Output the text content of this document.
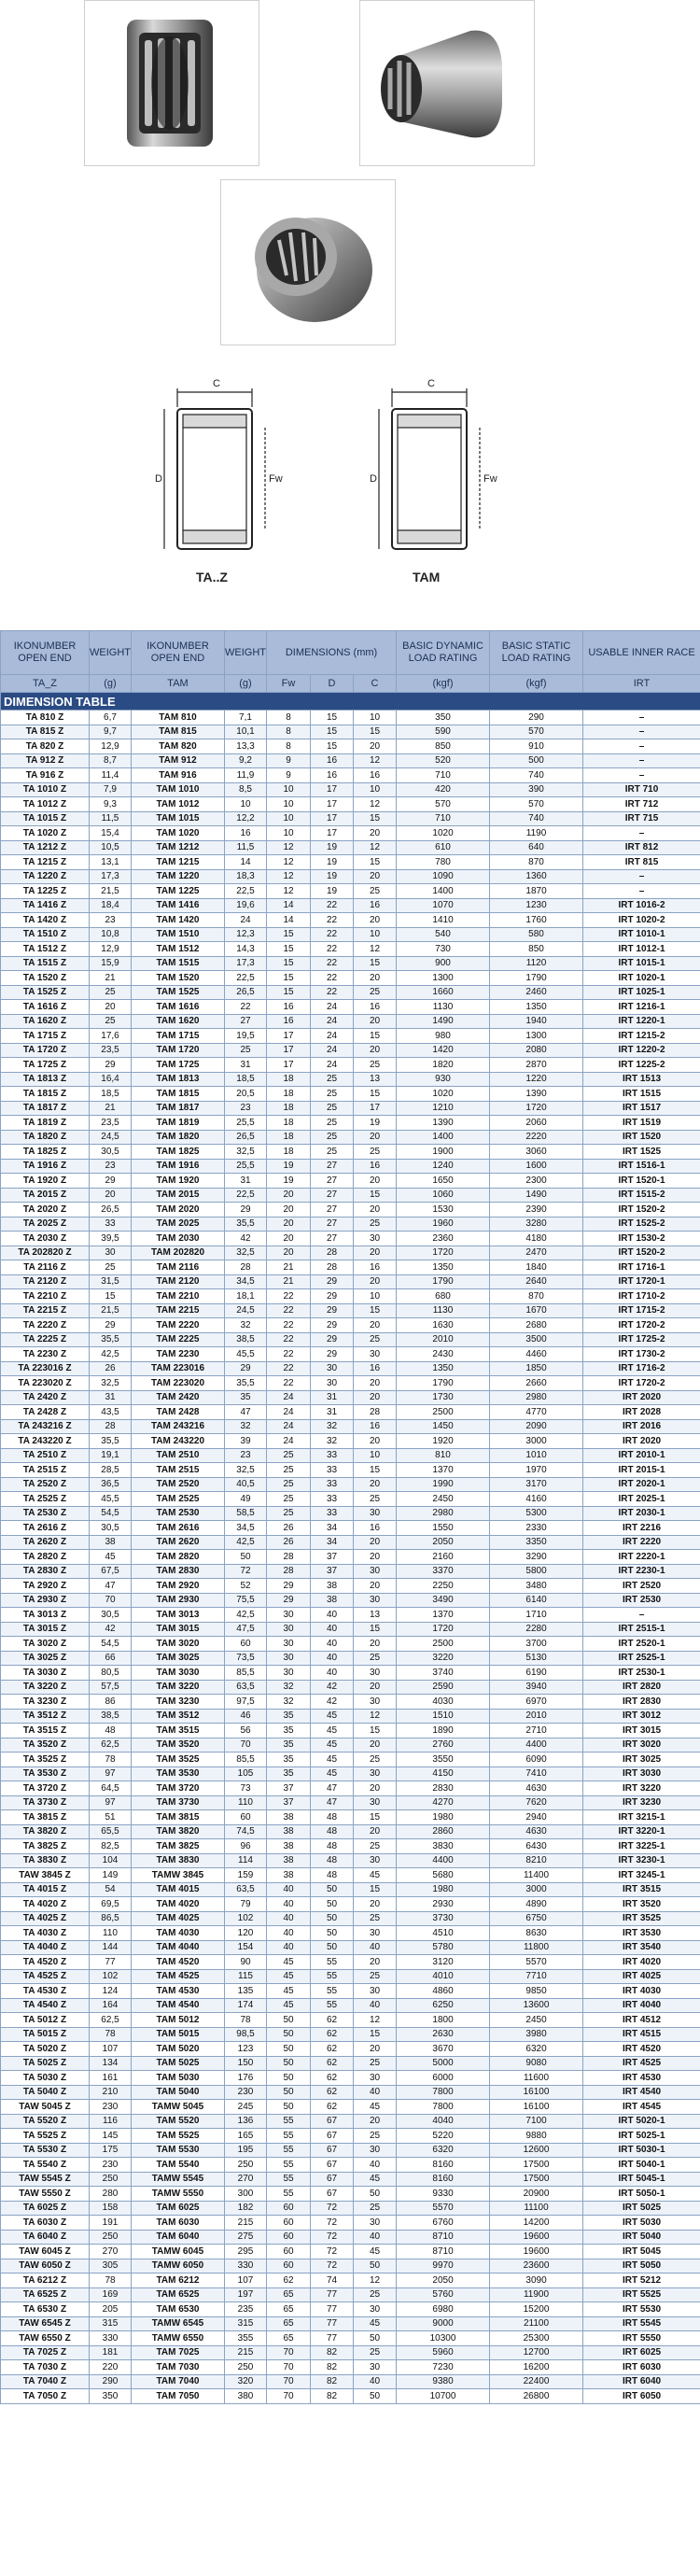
C	C
D	D
Fw	Fw
TA..Z	TAM
DIMENSION TABLE									
IKONUMBER OPEN END	WEIGHT	IKONUMBER OPEN END	WEIGHT	DIMENSIONS (mm)			BASIC DYNAMIC LOAD RATING	BASIC STATIC LOAD RATING	USABLE INNER RACE
TA_Z	(g)	TAM	(g)	Fw	D	C	(kgf)	(kgf)	IRT
TA 810 Z	6,7	TAM 810	7,1	8	15	10	350	290	–
TA 815 Z	9,7	TAM 815	10,1	8	15	15	590	570	–
TA 820 Z	12,9	TAM 820	13,3	8	15	20	850	910	–
TA 912 Z	8,7	TAM 912	9,2	9	16	12	520	500	–
TA 916 Z	11,4	TAM 916	11,9	9	16	16	710	740	–
TA 1010 Z	7,9	TAM 1010	8,5	10	17	10	420	390	IRT 710
TA 1012 Z	9,3	TAM 1012	10	10	17	12	570	570	IRT 712
TA 1015 Z	11,5	TAM 1015	12,2	10	17	15	710	740	IRT 715
TA 1020 Z	15,4	TAM 1020	16	10	17	20	1020	1190	–
TA 1212 Z	10,5	TAM 1212	11,5	12	19	12	610	640	IRT 812
TA 1215 Z	13,1	TAM 1215	14	12	19	15	780	870	IRT 815
TA 1220 Z	17,3	TAM 1220	18,3	12	19	20	1090	1360	–
TA 1225 Z	21,5	TAM 1225	22,5	12	19	25	1400	1870	–
TA 1416 Z	18,4	TAM 1416	19,6	14	22	16	1070	1230	IRT 1016-2
TA 1420 Z	23	TAM 1420	24	14	22	20	1410	1760	IRT 1020-2
TA 1510 Z	10,8	TAM 1510	12,3	15	22	10	540	580	IRT 1010-1
TA 1512 Z	12,9	TAM 1512	14,3	15	22	12	730	850	IRT 1012-1
TA 1515 Z	15,9	TAM 1515	17,3	15	22	15	900	1120	IRT 1015-1
TA 1520 Z	21	TAM 1520	22,5	15	22	20	1300	1790	IRT 1020-1
TA 1525 Z	25	TAM 1525	26,5	15	22	25	1660	2460	IRT 1025-1
TA 1616 Z	20	TAM 1616	22	16	24	16	1130	1350	IRT 1216-1
TA 1620 Z	25	TAM 1620	27	16	24	20	1490	1940	IRT 1220-1
TA 1715 Z	17,6	TAM 1715	19,5	17	24	15	980	1300	IRT 1215-2
TA 1720 Z	23,5	TAM 1720	25	17	24	20	1420	2080	IRT 1220-2
TA 1725 Z	29	TAM 1725	31	17	24	25	1820	2870	IRT 1225-2
TA 1813 Z	16,4	TAM 1813	18,5	18	25	13	930	1220	IRT 1513
TA 1815 Z	18,5	TAM 1815	20,5	18	25	15	1020	1390	IRT 1515
TA 1817 Z	21	TAM 1817	23	18	25	17	1210	1720	IRT 1517
TA 1819 Z	23,5	TAM 1819	25,5	18	25	19	1390	2060	IRT 1519
TA 1820 Z	24,5	TAM 1820	26,5	18	25	20	1400	2220	IRT 1520
TA 1825 Z	30,5	TAM 1825	32,5	18	25	25	1900	3060	IRT 1525
TA 1916 Z	23	TAM 1916	25,5	19	27	16	1240	1600	IRT 1516-1
TA 1920 Z	29	TAM 1920	31	19	27	20	1650	2300	IRT 1520-1
TA 2015 Z	20	TAM 2015	22,5	20	27	15	1060	1490	IRT 1515-2
TA 2020 Z	26,5	TAM 2020	29	20	27	20	1530	2390	IRT 1520-2
TA 2025 Z	33	TAM 2025	35,5	20	27	25	1960	3280	IRT 1525-2
TA 2030 Z	39,5	TAM 2030	42	20	27	30	2360	4180	IRT 1530-2
TA 202820 Z	30	TAM 202820	32,5	20	28	20	1720	2470	IRT 1520-2
TA 2116 Z	25	TAM 2116	28	21	28	16	1350	1840	IRT 1716-1
TA 2120 Z	31,5	TAM 2120	34,5	21	29	20	1790	2640	IRT 1720-1
TA 2210 Z	15	TAM 2210	18,1	22	29	10	680	870	IRT 1710-2
TA 2215 Z	21,5	TAM 2215	24,5	22	29	15	1130	1670	IRT 1715-2
TA 2220 Z	29	TAM 2220	32	22	29	20	1630	2680	IRT 1720-2
TA 2225 Z	35,5	TAM 2225	38,5	22	29	25	2010	3500	IRT 1725-2
TA 2230 Z	42,5	TAM 2230	45,5	22	29	30	2430	4460	IRT 1730-2
TA 223016 Z	26	TAM 223016	29	22	30	16	1350	1850	IRT 1716-2
TA 223020 Z	32,5	TAM 223020	35,5	22	30	20	1790	2660	IRT 1720-2
TA 2420 Z	31	TAM 2420	35	24	31	20	1730	2980	IRT 2020
TA 2428 Z	43,5	TAM 2428	47	24	31	28	2500	4770	IRT 2028
TA 243216 Z	28	TAM 243216	32	24	32	16	1450	2090	IRT 2016
TA 243220 Z	35,5	TAM 243220	39	24	32	20	1920	3000	IRT 2020
TA 2510 Z	19,1	TAM 2510	23	25	33	10	810	1010	IRT 2010-1
TA 2515 Z	28,5	TAM 2515	32,5	25	33	15	1370	1970	IRT 2015-1
TA 2520 Z	36,5	TAM 2520	40,5	25	33	20	1990	3170	IRT 2020-1
TA 2525 Z	45,5	TAM 2525	49	25	33	25	2450	4160	IRT 2025-1
TA 2530 Z	54,5	TAM 2530	58,5	25	33	30	2980	5300	IRT 2030-1
TA 2616 Z	30,5	TAM 2616	34,5	26	34	16	1550	2330	IRT 2216
TA 2620 Z	38	TAM 2620	42,5	26	34	20	2050	3350	IRT 2220
TA 2820 Z	45	TAM 2820	50	28	37	20	2160	3290	IRT 2220-1
TA 2830 Z	67,5	TAM 2830	72	28	37	30	3370	5800	IRT 2230-1
TA 2920 Z	47	TAM 2920	52	29	38	20	2250	3480	IRT 2520
TA 2930 Z	70	TAM 2930	75,5	29	38	30	3490	6140	IRT 2530
TA 3013 Z	30,5	TAM 3013	42,5	30	40	13	1370	1710	–
TA 3015 Z	42	TAM 3015	47,5	30	40	15	1720	2280	IRT 2515-1
TA 3020 Z	54,5	TAM 3020	60	30	40	20	2500	3700	IRT 2520-1
TA 3025 Z	66	TAM 3025	73,5	30	40	25	3220	5130	IRT 2525-1
TA 3030 Z	80,5	TAM 3030	85,5	30	40	30	3740	6190	IRT 2530-1
TA 3220 Z	57,5	TAM 3220	63,5	32	42	20	2590	3940	IRT 2820
TA 3230 Z	86	TAM 3230	97,5	32	42	30	4030	6970	IRT 2830
TA 3512 Z	38,5	TAM 3512	46	35	45	12	1510	2010	IRT 3012
TA 3515 Z	48	TAM 3515	56	35	45	15	1890	2710	IRT 3015
TA 3520 Z	62,5	TAM 3520	70	35	45	20	2760	4400	IRT 3020
TA 3525 Z	78	TAM 3525	85,5	35	45	25	3550	6090	IRT 3025
TA 3530 Z	97	TAM 3530	105	35	45	30	4150	7410	IRT 3030
TA 3720 Z	64,5	TAM 3720	73	37	47	20	2830	4630	IRT 3220
TA 3730 Z	97	TAM 3730	110	37	47	30	4270	7620	IRT 3230
TA 3815 Z	51	TAM 3815	60	38	48	15	1980	2940	IRT 3215-1
TA 3820 Z	65,5	TAM 3820	74,5	38	48	20	2860	4630	IRT 3220-1
TA 3825 Z	82,5	TAM 3825	96	38	48	25	3830	6430	IRT 3225-1
TA 3830 Z	104	TAM 3830	114	38	48	30	4400	8210	IRT 3230-1
TAW 3845 Z	149	TAMW 3845	159	38	48	45	5680	11400	IRT 3245-1
TA 4015 Z	54	TAM 4015	63,5	40	50	15	1980	3000	IRT 3515
TA 4020 Z	69,5	TAM 4020	79	40	50	20	2930	4890	IRT 3520
TA 4025 Z	86,5	TAM 4025	102	40	50	25	3730	6750	IRT 3525
TA 4030 Z	110	TAM 4030	120	40	50	30	4510	8630	IRT 3530
TA 4040 Z	144	TAM 4040	154	40	50	40	5780	11800	IRT 3540
TA 4520 Z	77	TAM 4520	90	45	55	20	3120	5570	IRT 4020
TA 4525 Z	102	TAM 4525	115	45	55	25	4010	7710	IRT 4025
TA 4530 Z	124	TAM 4530	135	45	55	30	4860	9850	IRT 4030
TA 4540 Z	164	TAM 4540	174	45	55	40	6250	13600	IRT 4040
TA 5012 Z	62,5	TAM 5012	78	50	62	12	1800	2450	IRT 4512
TA 5015 Z	78	TAM 5015	98,5	50	62	15	2630	3980	IRT 4515
TA 5020 Z	107	TAM 5020	123	50	62	20	3670	6320	IRT 4520
TA 5025 Z	134	TAM 5025	150	50	62	25	5000	9080	IRT 4525
TA 5030 Z	161	TAM 5030	176	50	62	30	6000	11600	IRT 4530
TA 5040 Z	210	TAM 5040	230	50	62	40	7800	16100	IRT 4540
TAW 5045 Z	230	TAMW 5045	245	50	62	45	7800	16100	IRT 4545
TA 5520 Z	116	TAM 5520	136	55	67	20	4040	7100	IRT 5020-1
TA 5525 Z	145	TAM 5525	165	55	67	25	5220	9880	IRT 5025-1
TA 5530 Z	175	TAM 5530	195	55	67	30	6320	12600	IRT 5030-1
TA 5540 Z	230	TAM 5540	250	55	67	40	8160	17500	IRT 5040-1
TAW 5545 Z	250	TAMW 5545	270	55	67	45	8160	17500	IRT 5045-1
TAW 5550 Z	280	TAMW 5550	300	55	67	50	9330	20900	IRT 5050-1
TA 6025 Z	158	TAM 6025	182	60	72	25	5570	11100	IRT 5025
TA 6030 Z	191	TAM 6030	215	60	72	30	6760	14200	IRT 5030
TA 6040 Z	250	TAM 6040	275	60	72	40	8710	19600	IRT 5040
TAW 6045 Z	270	TAMW 6045	295	60	72	45	8710	19600	IRT 5045
TAW 6050 Z	305	TAMW 6050	330	60	72	50	9970	23600	IRT 5050
TA 6212 Z	78	TAM 6212	107	62	74	12	2050	3090	IRT 5212
TA 6525 Z	169	TAM 6525	197	65	77	25	5760	11900	IRT 5525
TA 6530 Z	205	TAM 6530	235	65	77	30	6980	15200	IRT 5530
TAW 6545 Z	315	TAMW 6545	315	65	77	45	9000	21100	IRT 5545
TAW 6550 Z	330	TAMW 6550	355	65	77	50	10300	25300	IRT 5550
TA 7025 Z	181	TAM 7025	215	70	82	25	5960	12700	IRT 6025
TA 7030 Z	220	TAM 7030	250	70	82	30	7230	16200	IRT 6030
TA 7040 Z	290	TAM 7040	320	70	82	40	9380	22400	IRT 6040
TA 7050 Z	350	TAM 7050	380	70	82	50	10700	26800	IRT 6050
